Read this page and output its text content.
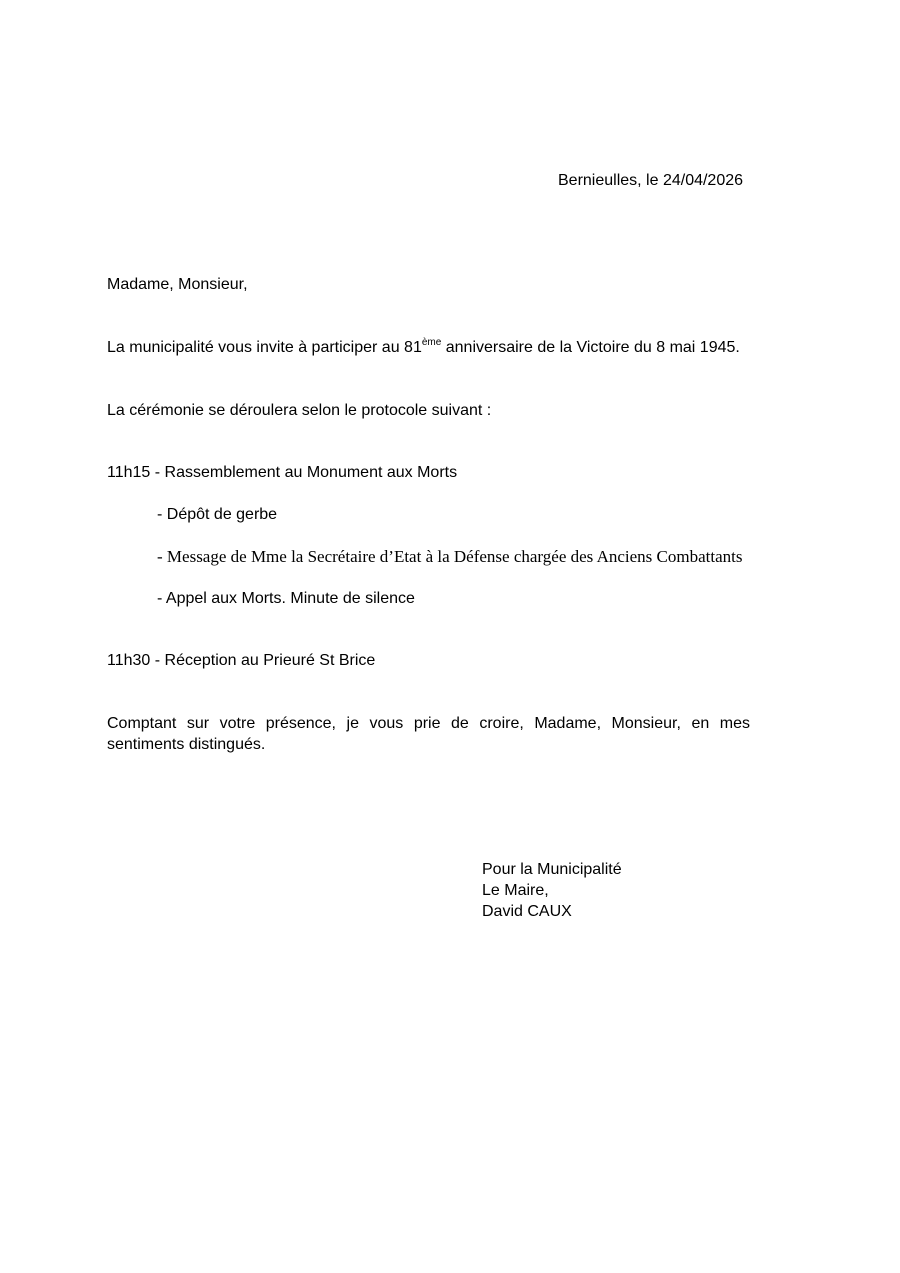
Bernieulles, le 24/04/2026

Madame, Monsieur,

La municipalité vous invite à participer au 81ème anniversaire de la Victoire du 8 mai 1945.

La cérémonie se déroulera selon le protocole suivant :

11h15 - Rassemblement au Monument aux Morts

- Dépôt de gerbe

- Message de Mme la Secrétaire d’Etat à la Défense chargée des Anciens Combattants

- Appel aux Morts. Minute de silence

11h30 - Réception au Prieuré St Brice

Comptant sur votre présence, je vous prie de croire, Madame, Monsieur, en mes sentiments distingués.

Pour la Municipalité

Le Maire,

David CAUX
